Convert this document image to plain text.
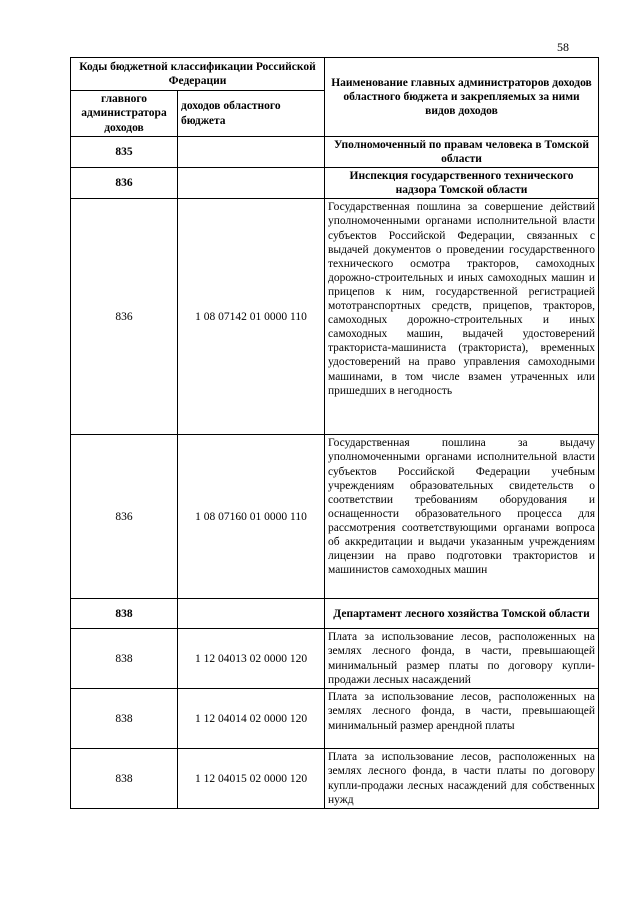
58
Коды бюджетной классификации Российской Федерации		Наименование главных администраторов доходов областного бюджета и закрепляемых за ними видов доходов
главного администратора доходов	доходов областного бюджета	
835		Уполномоченный по правам человека в Томской области
836		Инспекция государственного технического надзора Томской области
836	1 08 07142 01 0000 110	Государственная пошлина за совершение действий уполномоченными органами исполнительной власти субъектов Российской Федерации, связанных с выдачей документов о проведении государственного технического осмотра тракторов, самоходных дорожно-строительных и иных самоходных машин и прицепов к ним, государственной регистрацией мототранспортных средств, прицепов, тракторов, самоходных дорожно-строительных и иных самоходных машин, выдачей удостоверений тракториста-машиниста (тракториста), временных удостоверений на право управления самоходными машинами, в том числе взамен утраченных или пришедших в негодность
836	1 08 07160 01 0000 110	Государственная пошлина за выдачу уполномоченными органами исполнительной власти субъектов Российской Федерации учебным учреждениям образовательных свидетельств о соответствии требованиям оборудования и оснащенности образовательного процесса для рассмотрения соответствующими органами вопроса об аккредитации и выдачи указанным учреждениям лицензии на право подготовки трактористов и машинистов самоходных машин
838		Департамент лесного хозяйства Томской области
838	1 12 04013 02 0000 120	Плата за использование лесов, расположенных на землях лесного фонда, в части, превышающей минимальный размер платы по договору купли-продажи лесных насаждений
838	1 12 04014 02 0000 120	Плата за использование лесов, расположенных на землях лесного фонда, в части, превышающей минимальный размер арендной платы
838	1 12 04015 02 0000 120	Плата за использование лесов, расположенных на землях лесного фонда, в части платы по договору купли-продажи лесных насаждений для собственных нужд
